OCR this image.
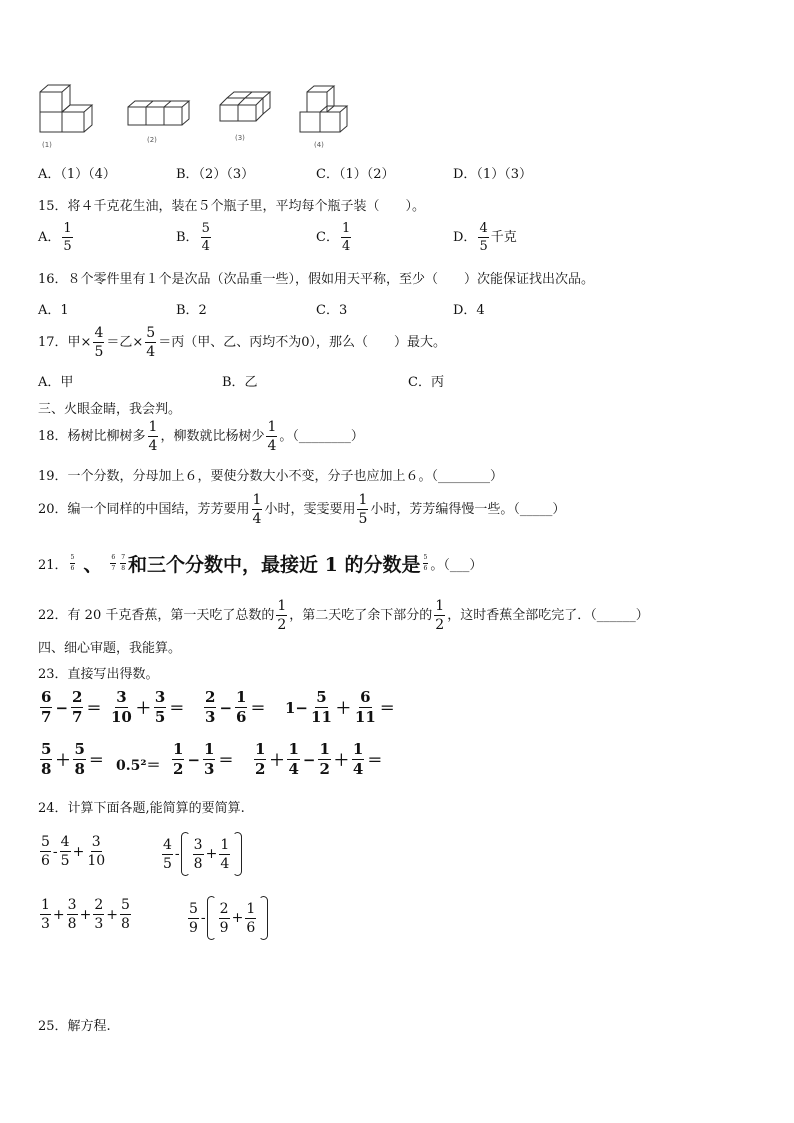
(1)
(2)	(3)
(4)
A．（1）（4）	B．（2）（3）	C．（1）（2）	D．（1）（3）
15．将４千克花生油，装在５个瓶子里，平均每个瓶子装（　　）。
A． $\frac{1}{5}$	B． $\frac{5}{4}$	C． $\frac{1}{4}$	D． $\frac{4}{5}$ 千克
16．８个零件里有１个是次品（次品重一些），假如用天平称，至少（　　）次能保证找出次品。
A．1	B．2	C．3	D．4
17．甲× $\frac{4}{5}$ ＝乙× $\frac{5}{4}$ ＝丙（甲、乙、丙均不为0），那么（　　）最大。
A．甲	B．乙	C．丙
三、火眼金睛，我会判。
18．杨树比柳树多 $\frac{1}{4}$ ，柳数就比杨树少 $\frac{1}{4}$ 。（________）
19．一个分数，分母加上６，要使分数大小不变，分子也应加上６。（________）
20．编一个同样的中国结，芳芳要用 $\frac{1}{4}$ 小时，雯雯要用 $\frac{1}{5}$ 小时，芳芳编得慢一些。（_____）
21． $\frac{5}{6}$ 、 $\frac{6}{7} \frac{7}{8}$ 和三个分数中，最接近 1 的分数是 $\frac{5}{6}$ 。（___）
22．有 20 千克香蕉，第一天吃了总数的 $\frac{1}{2}$ ，第二天吃了余下部分的 $\frac{1}{2}$ ，这时香蕉全部吃完了．（______）
四、细心审题，我能算。
23．直接写出得数。
$\frac{6}{7} - \frac{2}{7} = \frac{3}{10} + \frac{3}{5} = \frac{2}{3} - \frac{1}{6} = 1- \frac{5}{11} + \frac{6}{11}$ ＝
$\frac{5}{8} + \frac{5}{8} = 0.5^2= \frac{1}{2} - \frac{1}{3} = \frac{1}{2} + \frac{1}{4} - \frac{1}{2} + \frac{1}{4}$ ＝
24．计算下面各题,能简算的要简算.
$\frac{5}{6} - \frac{4}{5} + \frac{3}{10}$	$\frac{4}{5} - \frac{3}{8} + \frac{1}{4}$
$\frac{1}{3} + \frac{3}{8} + \frac{2}{3} + \frac{5}{8}$	$\frac{5}{9} - \frac{2}{9} + \frac{1}{6}$
25．解方程.
